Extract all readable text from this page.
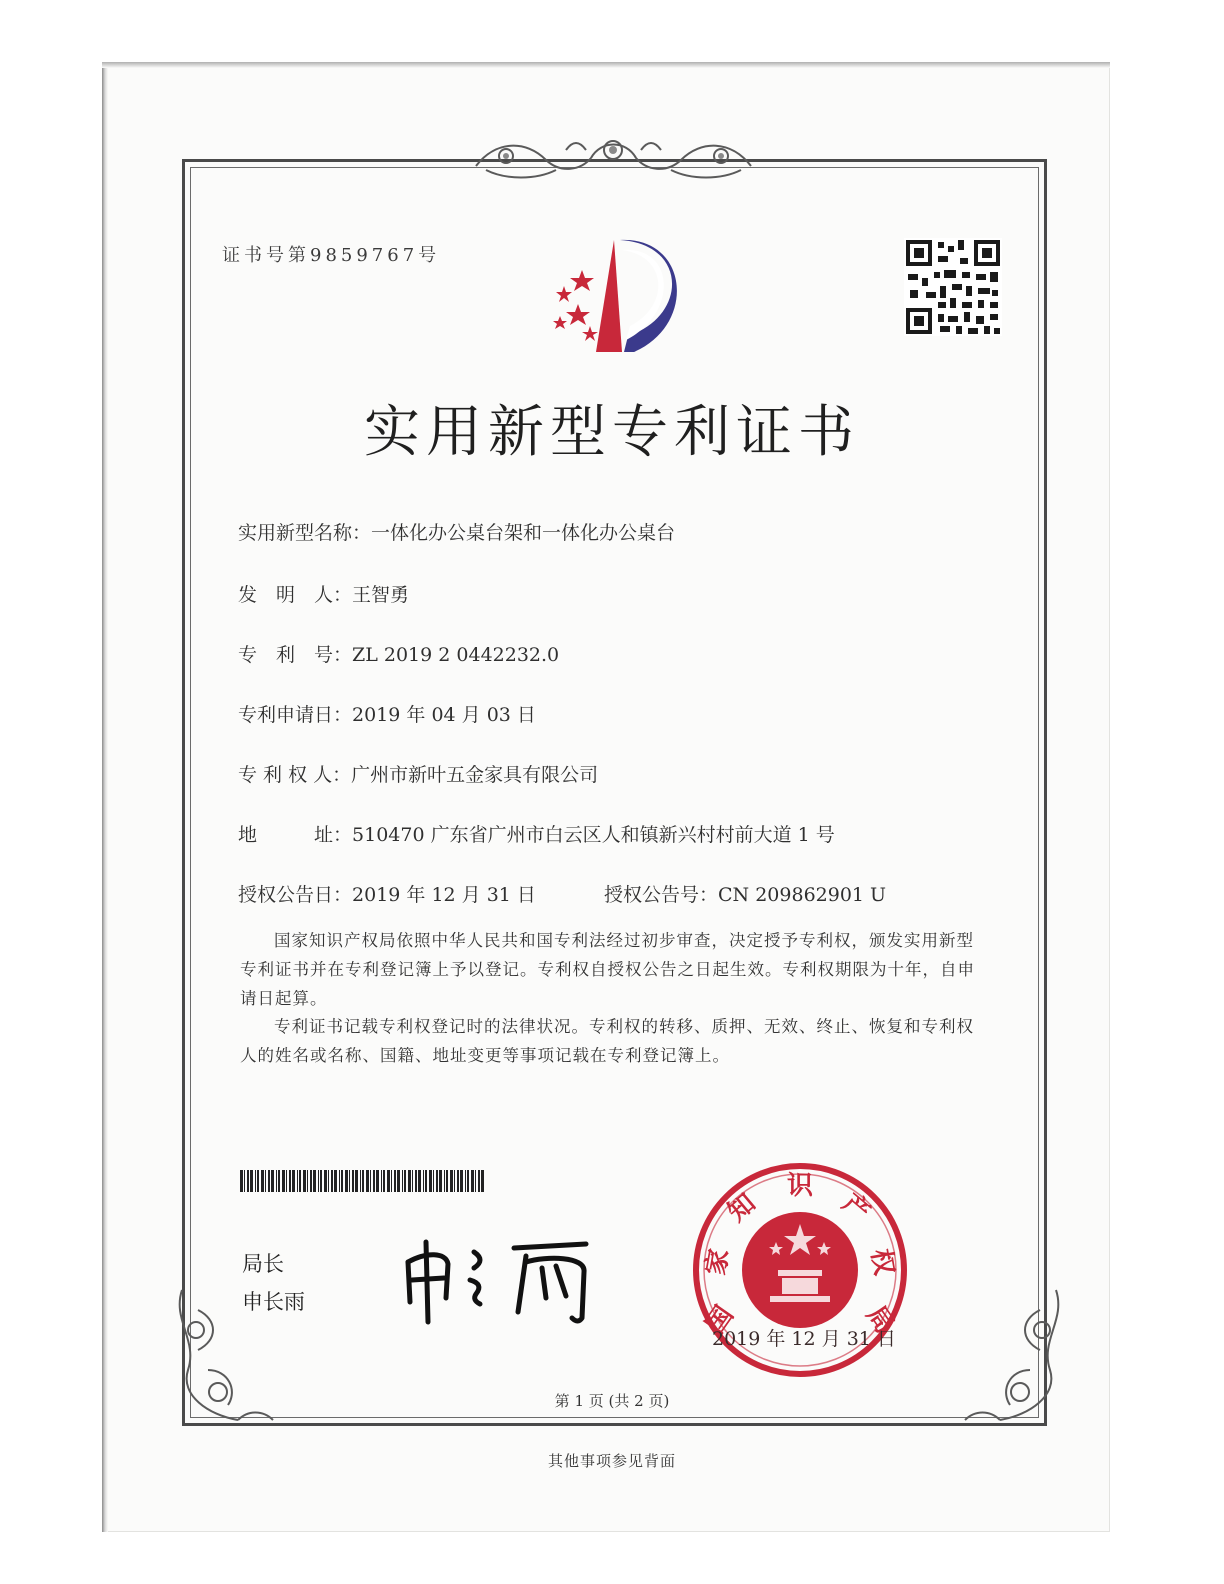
证书号第9859767号
实用新型专利证书
实用新型名称：一体化办公桌台架和一体化办公桌台
发　明　人：王智勇
专　利　号：ZL 2019 2 0442232.0
专利申请日：2019 年 04 月 03 日
专 利 权 人：广州市新叶五金家具有限公司
地　　　址：510470 广东省广州市白云区人和镇新兴村村前大道 1 号
授权公告日：2019 年 12 月 31 日	授权公告号：CN 209862901 U

国家知识产权局依照中华人民共和国专利法经过初步审查，决定授予专利权，颁发实用新型专利证书并在专利登记簿上予以登记。专利权自授权公告之日起生效。专利权期限为十年，自申请日起算。

专利证书记载专利权登记时的法律状况。专利权的转移、质押、无效、终止、恢复和专利权人的姓名或名称、国籍、地址变更等事项记载在专利登记簿上。

局长
申长雨	国
家
知
识
产
权
局
2019 年 12 月 31 日
第 1 页 (共 2 页)
其他事项参见背面
